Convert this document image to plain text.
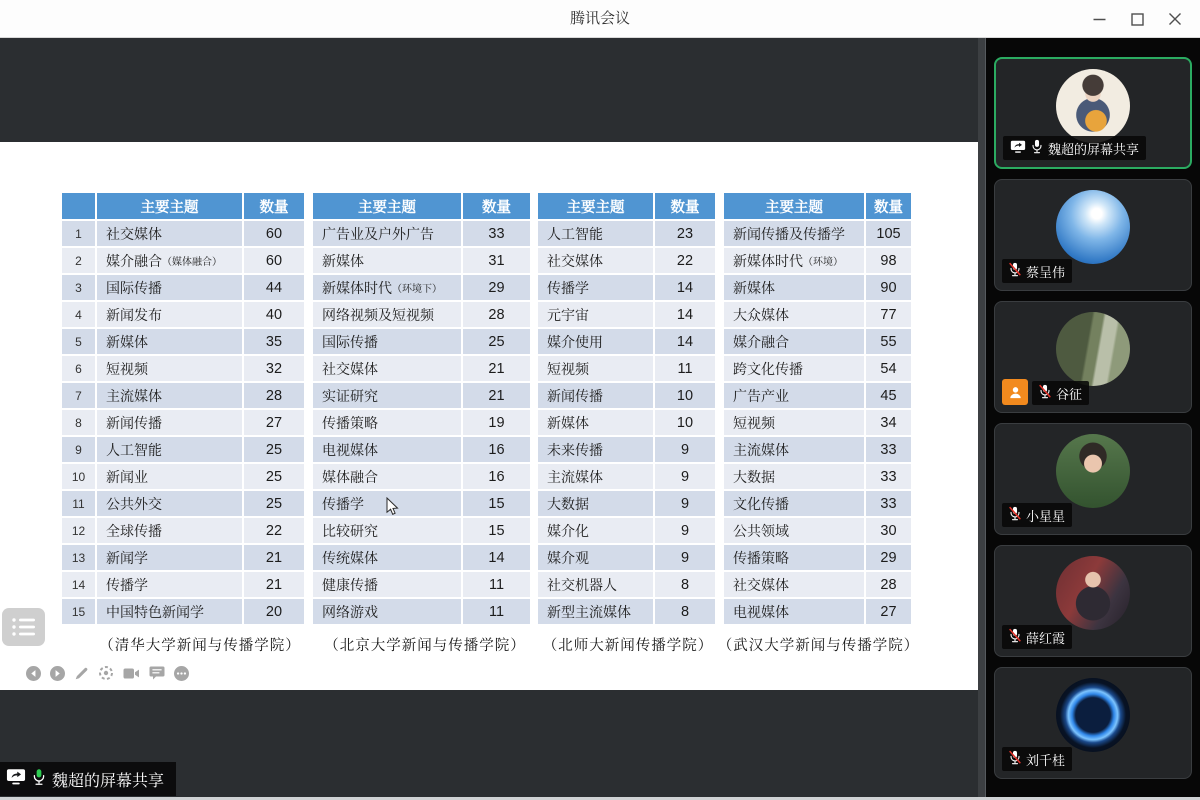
腾讯会议
主要主题	数量	主要主题	数量	主要主题	数量	主要主题	数量
1	社交媒体	60	广告业及户外广告	33	人工智能	23	新闻传播及传播学	105
2	媒介融合 （媒体融合）	60	新媒体	31	社交媒体	22	新媒体时代 （环境）	98
3	国际传播	44	新媒体时代 （环境下）	29	传播学	14	新媒体	90
4	新闻发布	40	网络视频及短视频	28	元宇宙	14	大众媒体	77
5	新媒体	35	国际传播	25	媒介使用	14	媒介融合	55
6	短视频	32	社交媒体	21	短视频	11	跨文化传播	54
7	主流媒体	28	实证研究	21	新闻传播	10	广告产业	45
8	新闻传播	27	传播策略	19	新媒体	10	短视频	34
9	人工智能	25	电视媒体	16	未来传播	9	主流媒体	33
10	新闻业	25	媒体融合	16	主流媒体	9	大数据	33
11	公共外交	25	传播学	15	大数据	9	文化传播	33
12	全球传播	22	比较研究	15	媒介化	9	公共领域	30
13	新闻学	21	传统媒体	14	媒介观	9	传播策略	29
14	传播学	21	健康传播	11	社交机器人	8	社交媒体	28
15	中国特色新闻学	20	网络游戏	11	新型主流媒体	8	电视媒体	27
（清华大学新闻与传播学院）	（北京大学新闻与传播学院）	（北师大新闻传播学院） （武汉大学新闻与传播学院）
魏超的屏幕共享
魏超的屏幕共享
蔡呈伟
谷征
小星星
薛红霞
刘千桂
